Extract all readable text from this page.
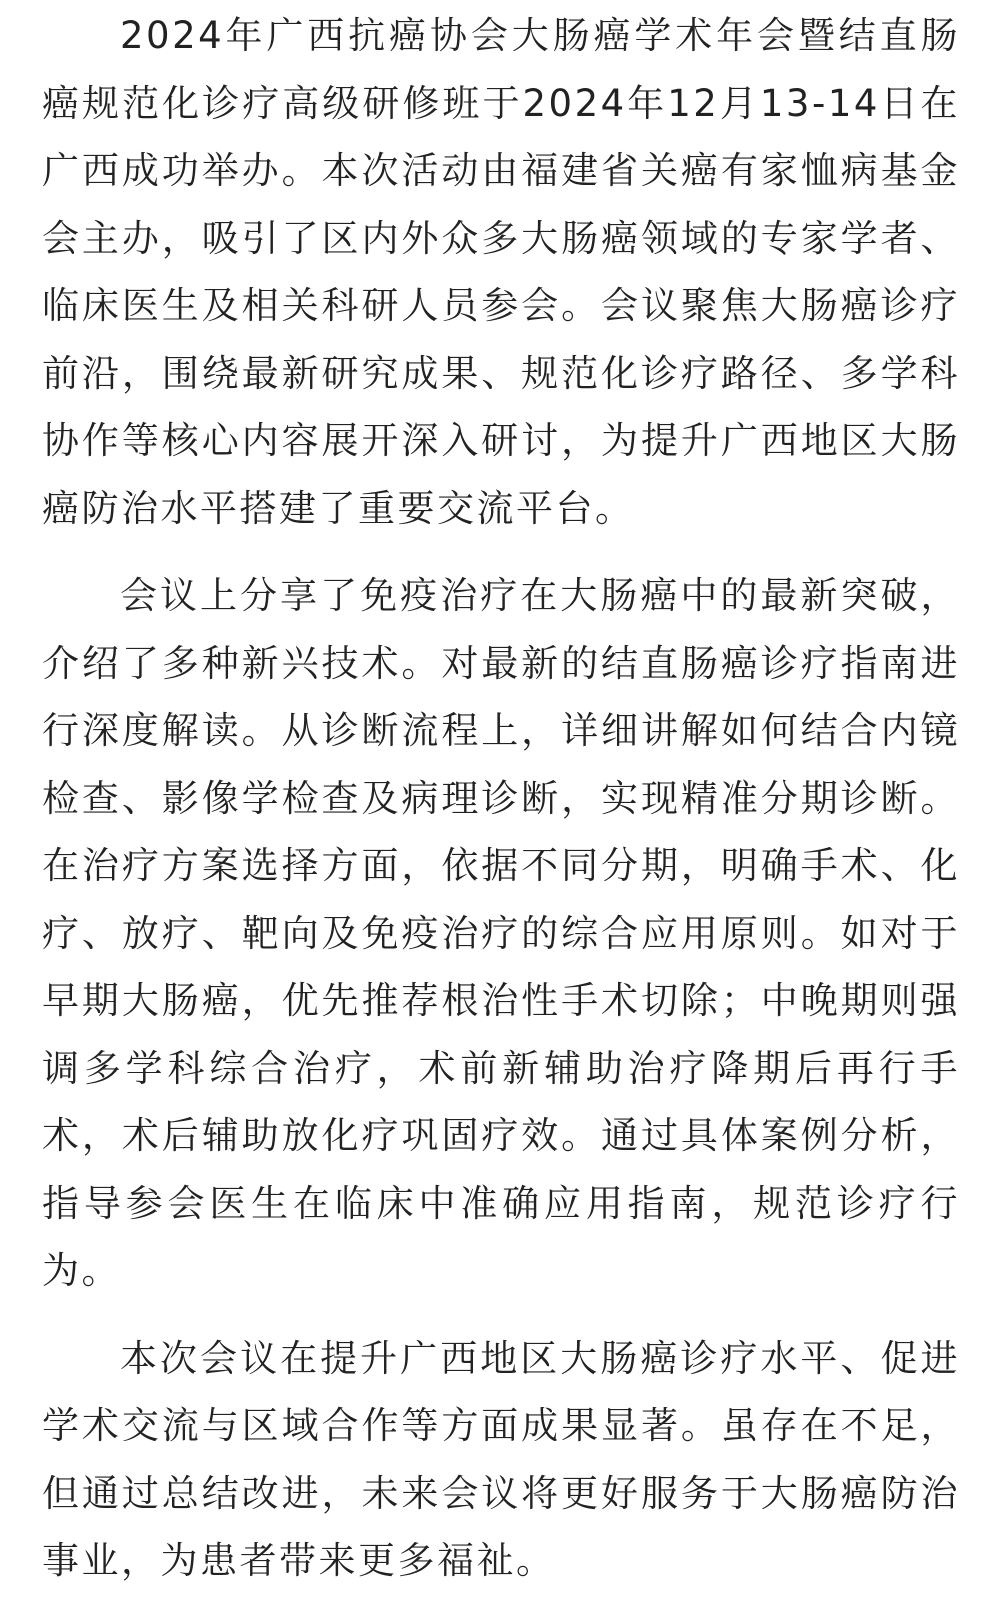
2024年广西抗癌协会大肠癌学术年会暨结直肠癌规范化诊疗高级研修班于2024年12月13-14日在广西成功举办。本次活动由福建省关癌有家恤病基金会主办，吸引了区内外众多大肠癌领域的专家学者、临床医生及相关科研人员参会。会议聚焦大肠癌诊疗前沿，围绕最新研究成果、规范化诊疗路径、多学科协作等核心内容展开深入研讨，为提升广西地区大肠癌防治水平搭建了重要交流平台。

会议上分享了免疫治疗在大肠癌中的最新突破，介绍了多种新兴技术。对最新的结直肠癌诊疗指南进行深度解读。从诊断流程上，详细讲解如何结合内镜检查、影像学检查及病理诊断，实现精准分期诊断。在治疗方案选择方面，依据不同分期，明确手术、化疗、放疗、靶向及免疫治疗的综合应用原则。如对于早期大肠癌，优先推荐根治性手术切除；中晚期则强调多学科综合治疗，术前新辅助治疗降期后再行手术，术后辅助放化疗巩固疗效。通过具体案例分析，指导参会医生在临床中准确应用指南，规范诊疗行为。

本次会议在提升广西地区大肠癌诊疗水平、促进学术交流与区域合作等方面成果显著。虽存在不足，但通过总结改进，未来会议将更好服务于大肠癌防治事业，为患者带来更多福祉。
